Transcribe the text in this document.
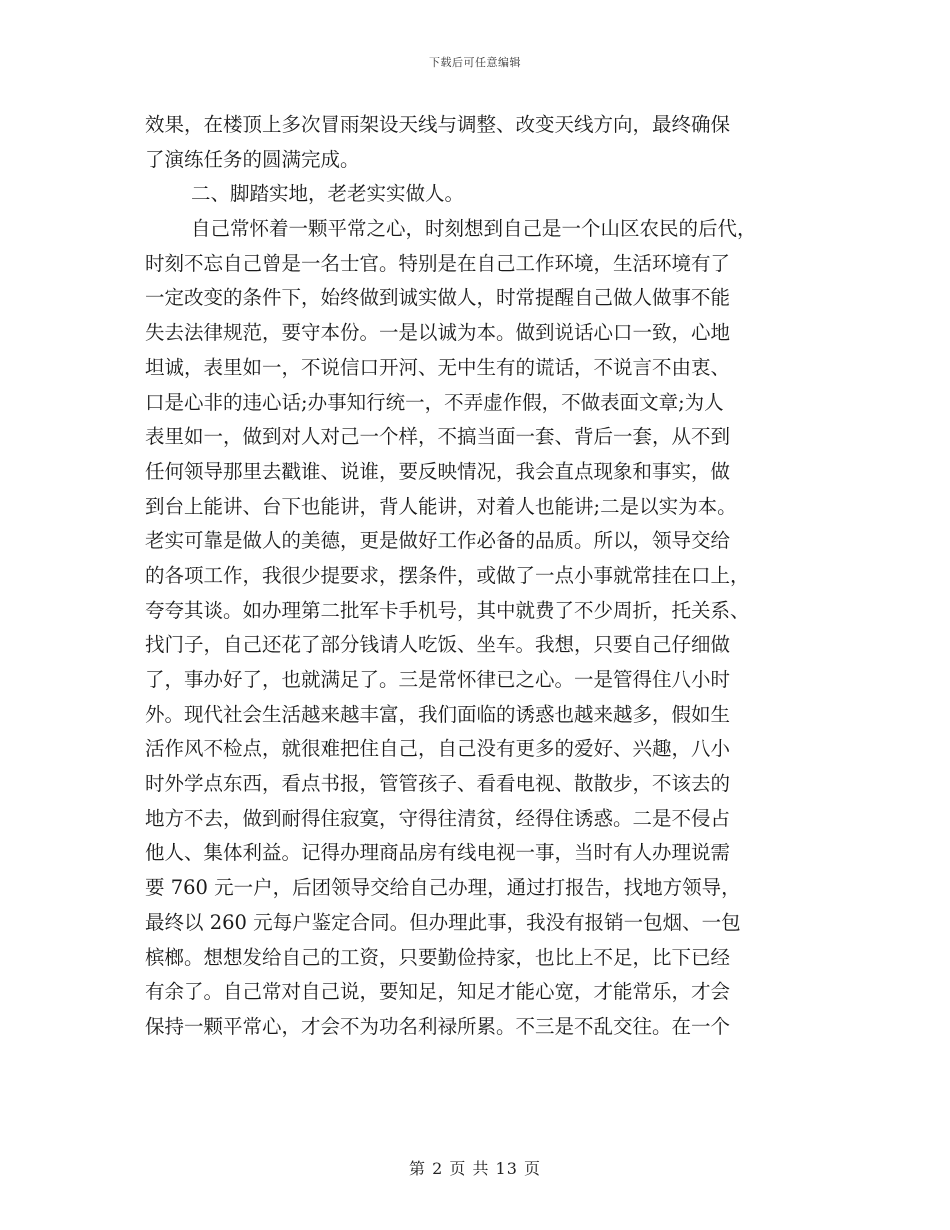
下载后可任意编辑
效果，在楼顶上多次冒雨架设天线与调整、改变天线方向，最终确保
了演练任务的圆满完成。
二、脚踏实地，老老实实做人。
自己常怀着一颗平常之心，时刻想到自己是一个山区农民的后代，
时刻不忘自己曾是一名士官。特别是在自己工作环境，生活环境有了
一定改变的条件下，始终做到诚实做人，时常提醒自己做人做事不能
失去法律规范，要守本份。一是以诚为本。做到说话心口一致，心地
坦诚，表里如一，不说信口开河、无中生有的谎话，不说言不由衷、
口是心非的违心话;办事知行统一，不弄虚作假，不做表面文章;为人
表里如一，做到对人对己一个样，不搞当面一套、背后一套，从不到
任何领导那里去戳谁、说谁，要反映情况，我会直点现象和事实，做
到台上能讲、台下也能讲，背人能讲，对着人也能讲;二是以实为本。
老实可靠是做人的美德，更是做好工作必备的品质。所以，领导交给
的各项工作，我很少提要求，摆条件，或做了一点小事就常挂在口上，
夸夸其谈。如办理第二批军卡手机号，其中就费了不少周折，托关系、
找门子，自己还花了部分钱请人吃饭、坐车。我想，只要自己仔细做
了，事办好了，也就满足了。三是常怀律已之心。一是管得住八小时
外。现代社会生活越来越丰富，我们面临的诱惑也越来越多，假如生
活作风不检点，就很难把住自己，自己没有更多的爱好、兴趣，八小
时外学点东西，看点书报，管管孩子、看看电视、散散步，不该去的
地方不去，做到耐得住寂寞，守得往清贫，经得住诱惑。二是不侵占
他人、集体利益。记得办理商品房有线电视一事，当时有人办理说需
要 760 元一户，后团领导交给自己办理，通过打报告，找地方领导，
最终以 260 元每户鉴定合同。但办理此事，我没有报销一包烟、一包
槟榔。想想发给自己的工资，只要勤俭持家，也比上不足，比下已经
有余了。自己常对自己说，要知足，知足才能心宽，才能常乐，才会
保持一颗平常心，才会不为功名利禄所累。不三是不乱交往。在一个
第 2 页 共 13 页
